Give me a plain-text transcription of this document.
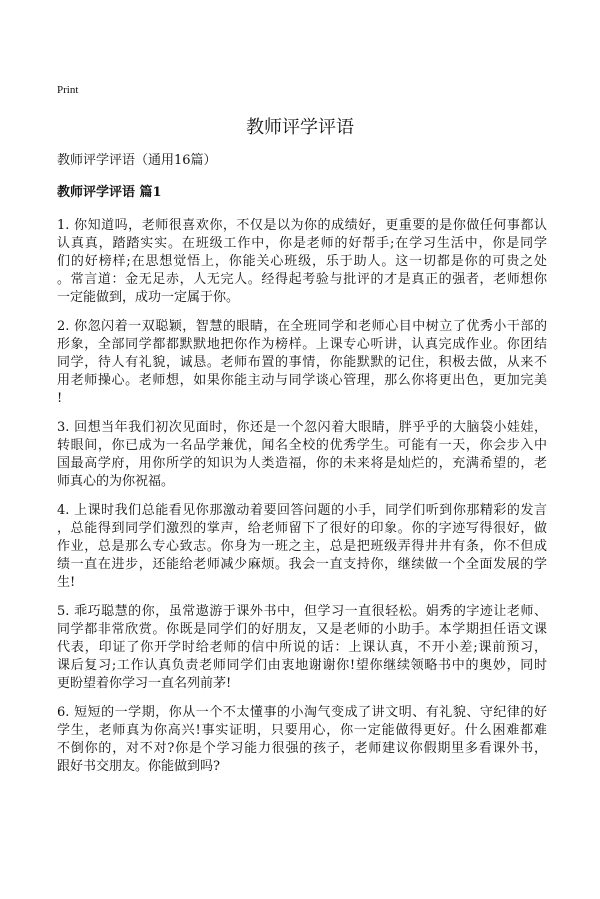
Print
教师评学评语
教师评学评语（通用16篇）
教师评学评语 篇1
1. 你知道吗，老师很喜欢你，不仅是以为你的成绩好，更重要的是你做任何事都认
认真真，踏踏实实。在班级工作中，你是老师的好帮手;在学习生活中，你是同学
们的好榜样;在思想觉悟上，你能关心班级，乐于助人。这一切都是你的可贵之处
。常言道：金无足赤，人无完人。经得起考验与批评的才是真正的强者，老师想你
一定能做到，成功一定属于你。
2. 你忽闪着一双聪颖，智慧的眼睛，在全班同学和老师心目中树立了优秀小干部的
形象，全部同学都都默默地把你作为榜样。上课专心听讲，认真完成作业。你团结
同学，待人有礼貌，诚恳。老师布置的事情，你能默默的记住，积极去做，从来不
用老师操心。老师想，如果你能主动与同学谈心管理，那么你将更出色，更加完美
!
3. 回想当年我们初次见面时，你还是一个忽闪着大眼睛，胖乎乎的大脑袋小娃娃，
转眼间，你已成为一名品学兼优，闻名全校的优秀学生。可能有一天，你会步入中
国最高学府，用你所学的知识为人类造福，你的未来将是灿烂的，充满希望的，老
师真心的为你祝福。
4. 上课时我们总能看见你那激动着要回答问题的小手，同学们听到你那精彩的发言
，总能得到同学们激烈的掌声，给老师留下了很好的印象。你的字迹写得很好，做
作业，总是那么专心致志。你身为一班之主，总是把班级弄得井井有条，你不但成
绩一直在进步，还能给老师减少麻烦。我会一直支持你，继续做一个全面发展的学
生!
5. 乖巧聪慧的你，虽常遨游于课外书中，但学习一直很轻松。娟秀的字迹让老师、
同学都非常欣赏。你既是同学们的好朋友，又是老师的小助手。本学期担任语文课
代表，印证了你开学时给老师的信中所说的话：上课认真，不开小差;课前预习，
课后复习;工作认真负责老师同学们由衷地谢谢你!望你继续领略书中的奥妙，同时
更盼望着你学习一直名列前茅!
6. 短短的一学期，你从一个不太懂事的小淘气变成了讲文明、有礼貌、守纪律的好
学生，老师真为你高兴!事实证明，只要用心，你一定能做得更好。什么困难都难
不倒你的，对不对?你是个学习能力很强的孩子，老师建议你假期里多看课外书，
跟好书交朋友。你能做到吗?
